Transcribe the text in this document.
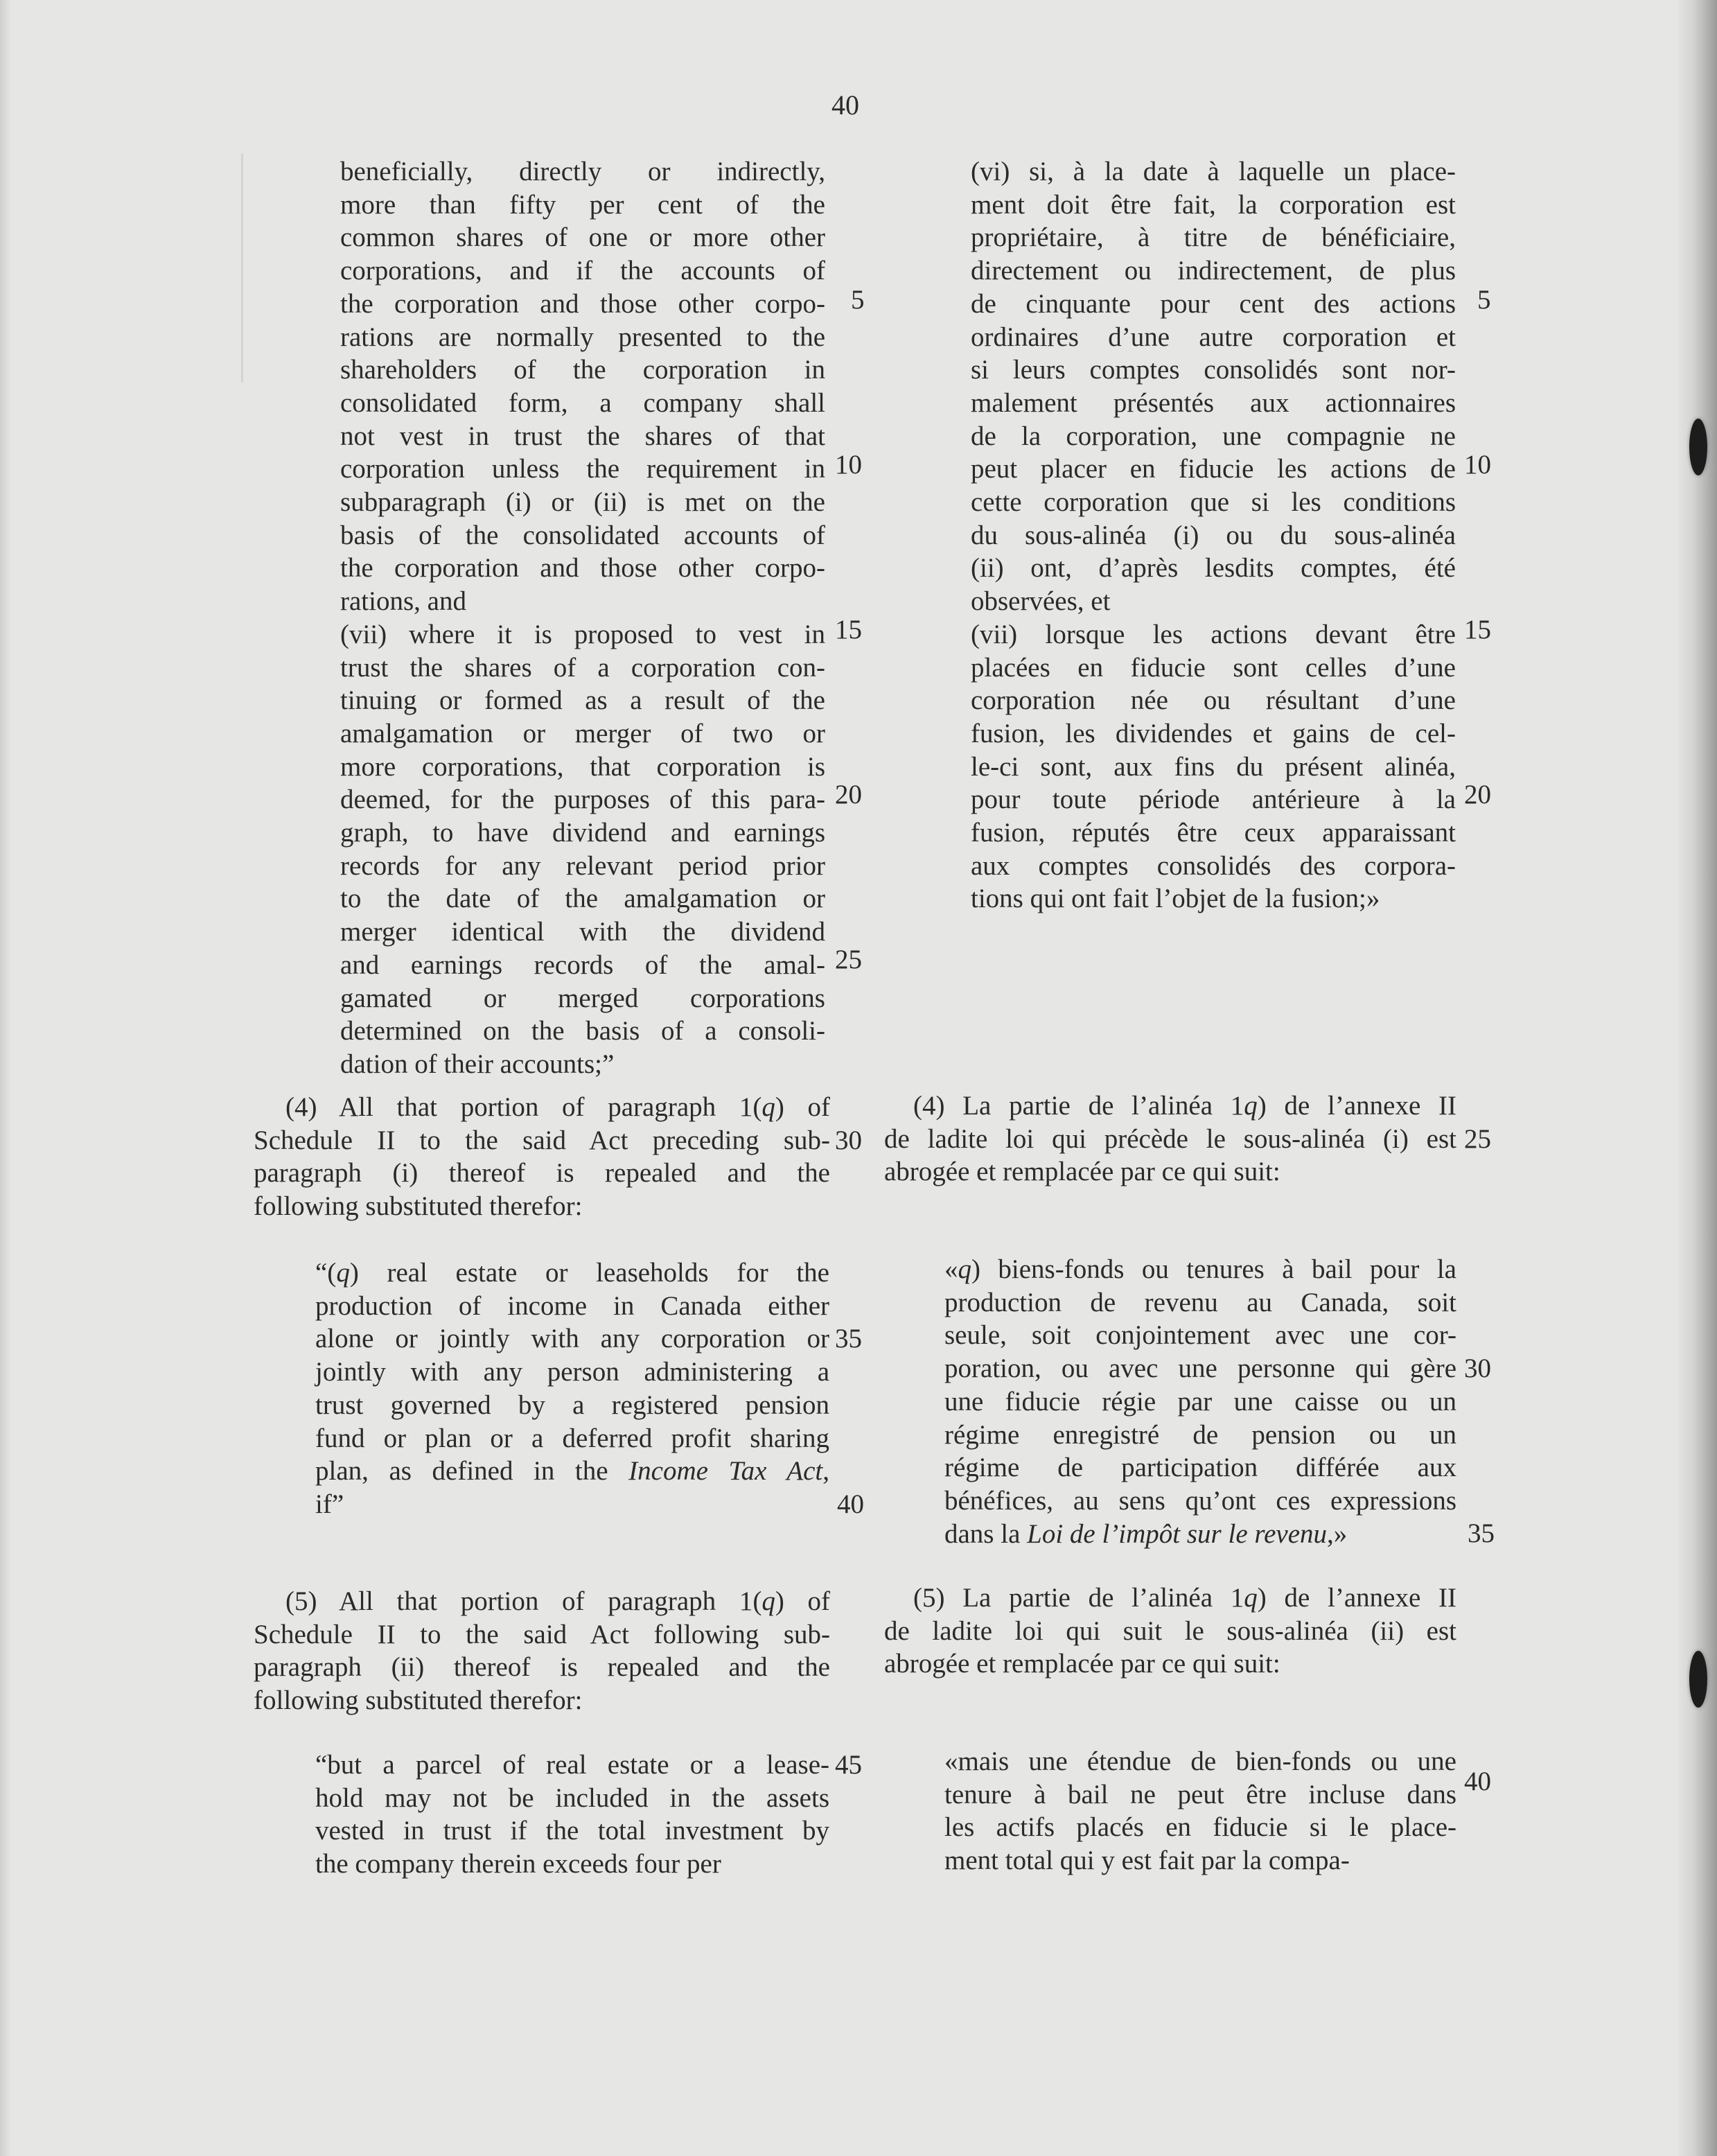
40
beneficially, directly or indirectly,
more than fifty per cent of the
common shares of one or more other
corporations, and if the accounts of
the corporation and those other corpo-
rations are normally presented to the
shareholders of the corporation in
consolidated form, a company shall
not vest in trust the shares of that
corporation unless the requirement in
subparagraph (i) or (ii) is met on the
basis of the consolidated accounts of
the corporation and those other corpo-
rations, and
(vii) where it is proposed to vest in
trust the shares of a corporation con-
tinuing or formed as a result of the
amalgamation or merger of two or
more corporations, that corporation is
deemed, for the purposes of this para-
graph, to have dividend and earnings
records for any relevant period prior
to the date of the amalgamation or
merger identical with the dividend
and earnings records of the amal-
gamated or merged corporations
determined on the basis of a consoli-
dation of their accounts;”
(4) All that portion of paragraph 1(q) of
Schedule II to the said Act preceding sub-
paragraph (i) thereof is repealed and the
following substituted therefor:
“(q) real estate or leaseholds for the
production of income in Canada either
alone or jointly with any corporation or
jointly with any person administering a
trust governed by a registered pension
fund or plan or a deferred profit sharing
plan, as defined in the Income Tax Act,
if”
(5) All that portion of paragraph 1(q) of
Schedule II to the said Act following sub-
paragraph (ii) thereof is repealed and the
following substituted therefor:
“but a parcel of real estate or a lease-
hold may not be included in the assets
vested in trust if the total investment by
the company therein exceeds four per
(vi) si, à la date à laquelle un place-
ment doit être fait, la corporation est
propriétaire, à titre de bénéficiaire,
directement ou indirectement, de plus
de cinquante pour cent des actions
ordinaires d’une autre corporation et
si leurs comptes consolidés sont nor-
malement présentés aux actionnaires
de la corporation, une compagnie ne
peut placer en fiducie les actions de
cette corporation que si les conditions
du sous-alinéa (i) ou du sous-alinéa
(ii) ont, d’après lesdits comptes, été
observées, et
(vii) lorsque les actions devant être
placées en fiducie sont celles d’une
corporation née ou résultant d’une
fusion, les dividendes et gains de cel-
le-ci sont, aux fins du présent alinéa,
pour toute période antérieure à la
fusion, réputés être ceux apparaissant
aux comptes consolidés des corpora-
tions qui ont fait l’objet de la fusion;»
(4) La partie de l’alinéa 1q) de l’annexe II
de ladite loi qui précède le sous-alinéa (i) est
abrogée et remplacée par ce qui suit:
«q) biens-fonds ou tenures à bail pour la
production de revenu au Canada, soit
seule, soit conjointement avec une cor-
poration, ou avec une personne qui gère
une fiducie régie par une caisse ou un
régime enregistré de pension ou un
régime de participation différée aux
bénéfices, au sens qu’ont ces expressions
dans la Loi de l’impôt sur le revenu,»
(5) La partie de l’alinéa 1q) de l’annexe II
de ladite loi qui suit le sous-alinéa (ii) est
abrogée et remplacée par ce qui suit:
«mais une étendue de bien-fonds ou une
tenure à bail ne peut être incluse dans
les actifs placés en fiducie si le place-
ment total qui y est fait par la compa-
5
10
15
20
25
30
35
40
45
5
10
15
20
25
30
35
40
